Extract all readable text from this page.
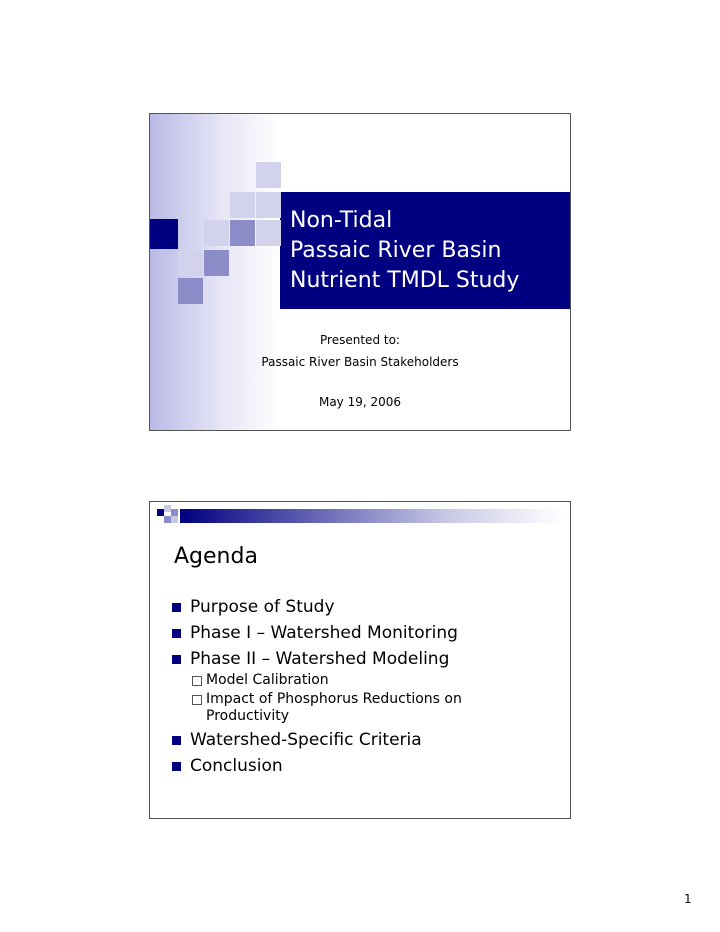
Non-Tidal
Passaic River Basin
Nutrient TMDL Study
Presented to:
Passaic River Basin Stakeholders
May 19, 2006
Agenda
Purpose of Study
Phase I – Watershed Monitoring
Phase II – Watershed Modeling
Model Calibration
Impact of Phosphorus Reductions on Productivity
Watershed-Specific Criteria
Conclusion
1
